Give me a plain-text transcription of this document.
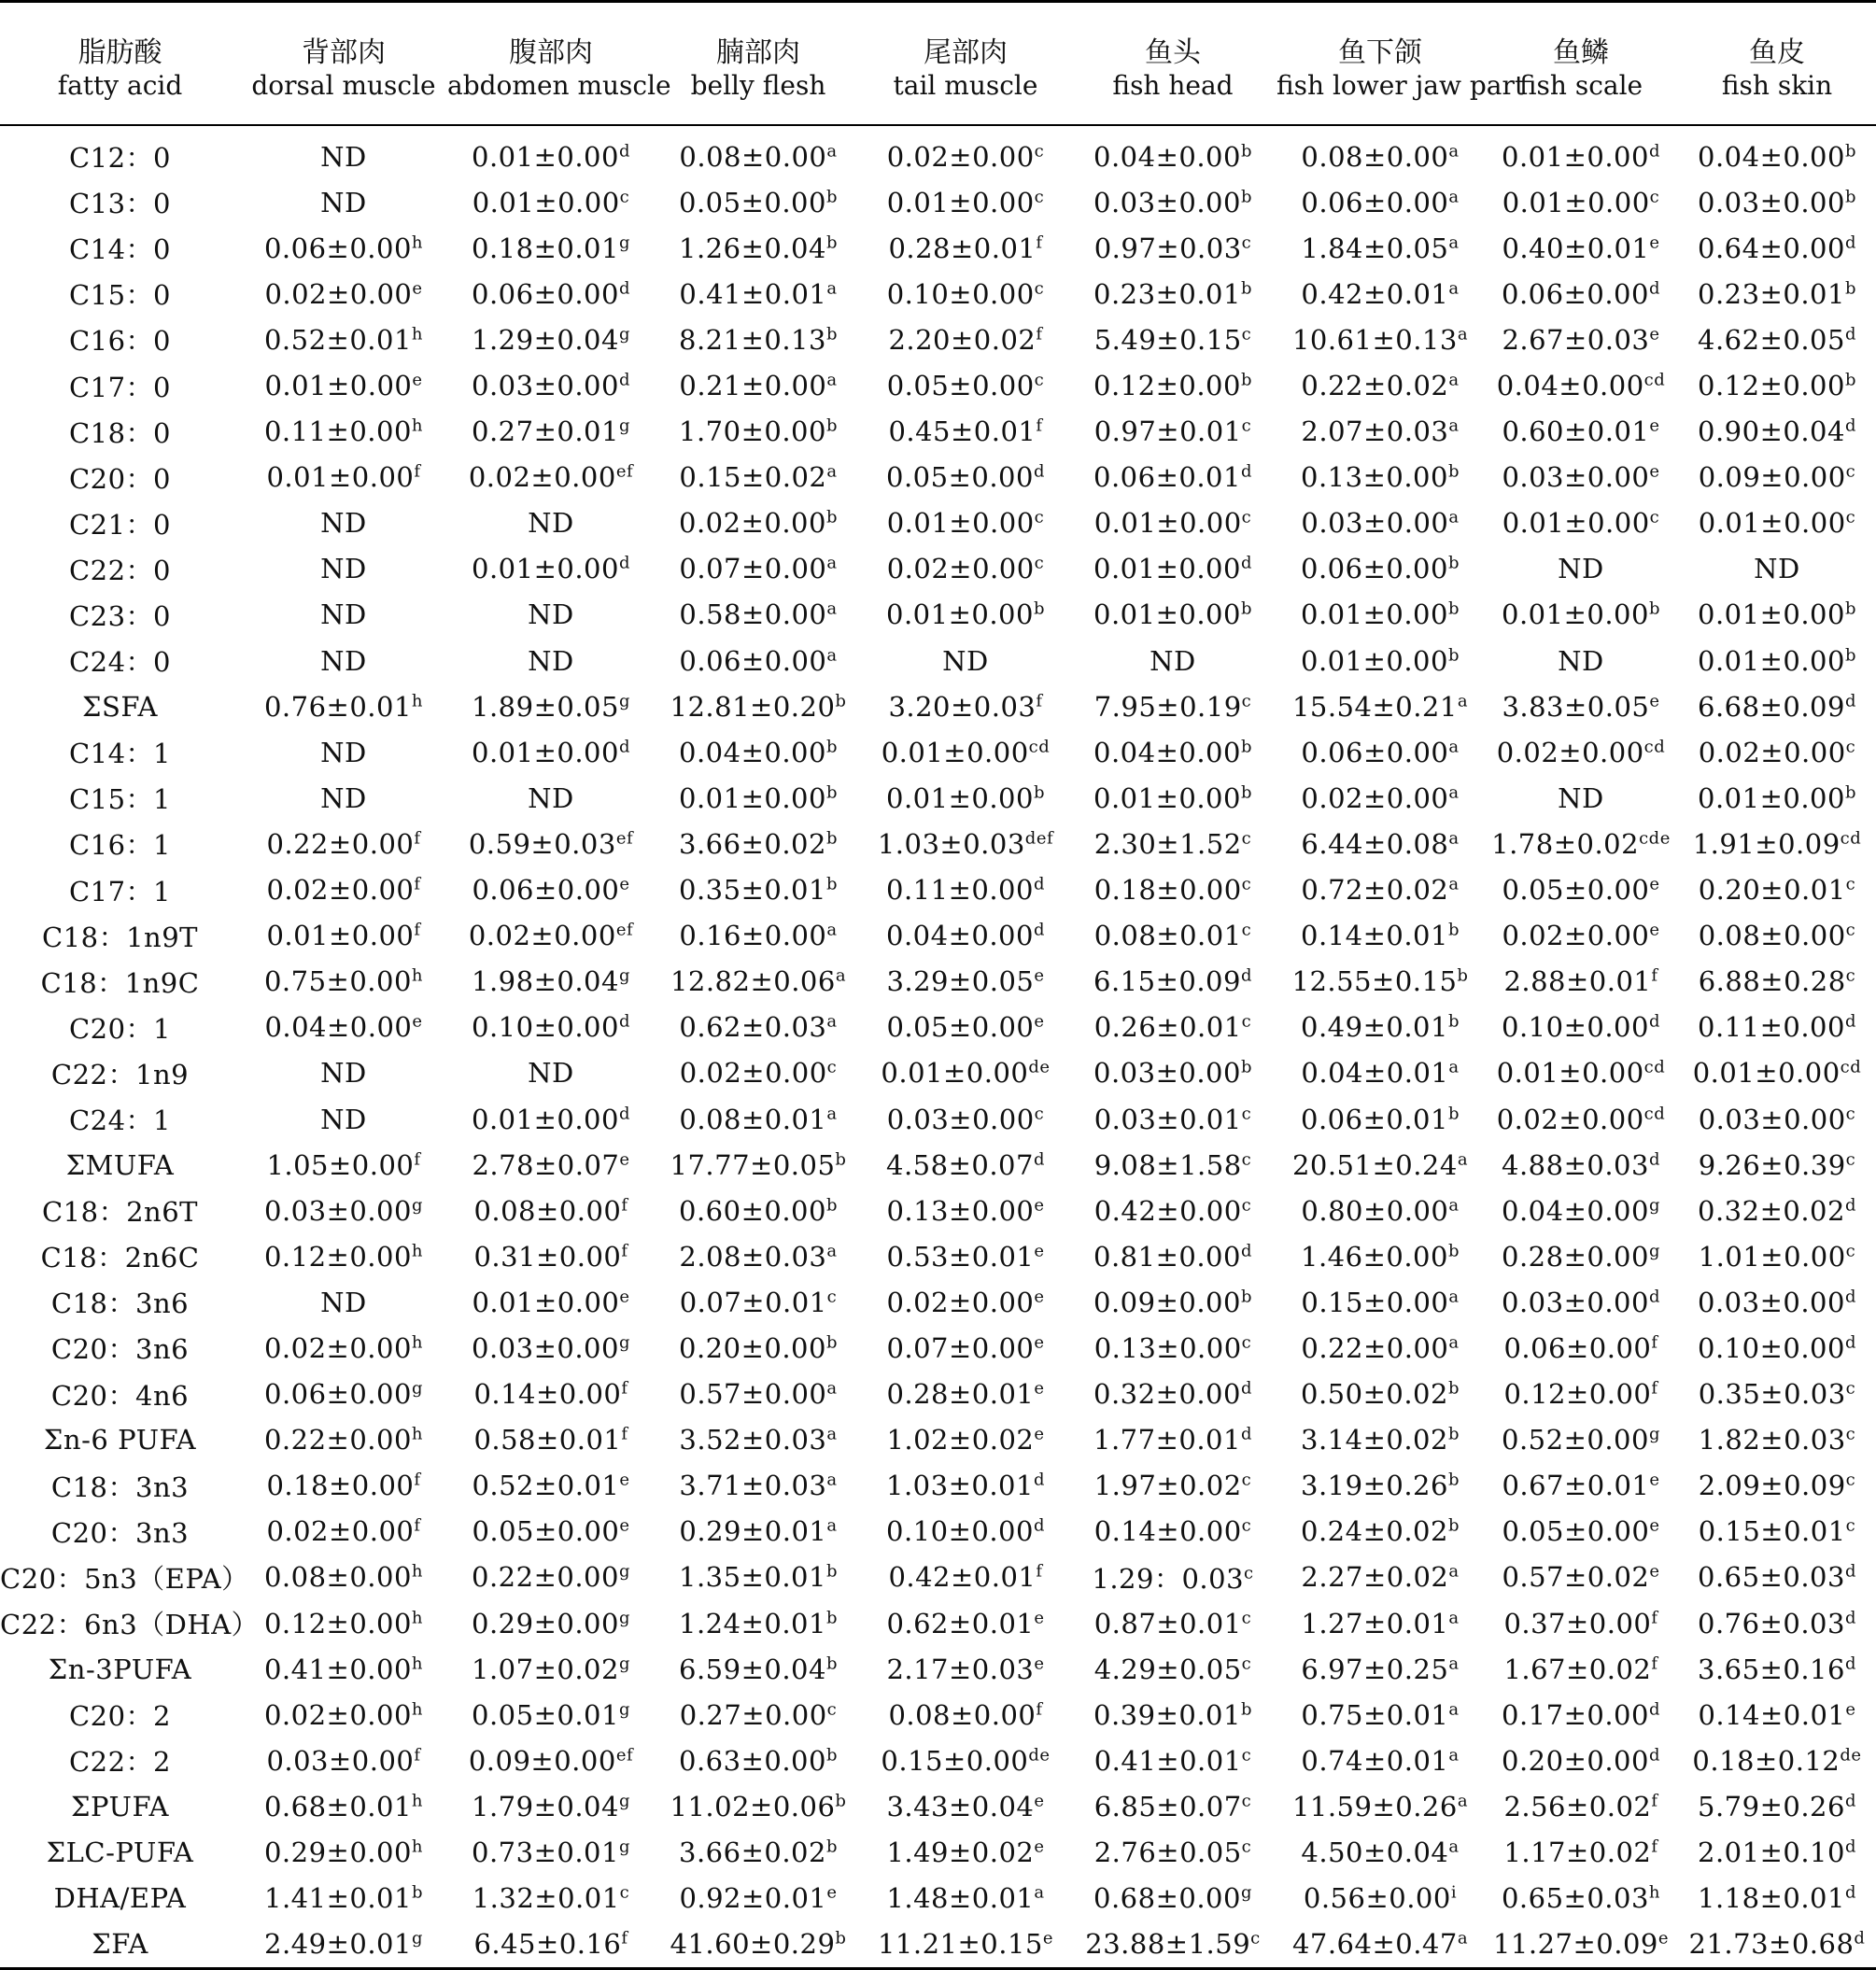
脂肪酸	背部肉	腹部肉	腩部肉	尾部肉	鱼头	鱼下颌	鱼鳞	鱼皮
fatty acid	dorsal muscle	abdomen muscle	belly flesh	tail muscle	fish head	fish lower jaw part	fish scale	fish skin
C12：0	ND	0.01±0.00$^d$	0.08±0.00$^a$	0.02±0.00$^c$	0.04±0.00$^b$	0.08±0.00$^a$	0.01±0.00$^d$	0.04±0.00$^b$
C13：0	ND	0.01±0.00$^c$	0.05±0.00$^b$	0.01±0.00$^c$	0.03±0.00$^b$	0.06±0.00$^a$	0.01±0.00$^c$	0.03±0.00$^b$
C14：0	0.06±0.00$^h$	0.18±0.01$^g$	1.26±0.04$^b$	0.28±0.01$^f$	0.97±0.03$^c$	1.84±0.05$^a$	0.40±0.01$^e$	0.64±0.00$^d$
C15：0	0.02±0.00$^e$	0.06±0.00$^d$	0.41±0.01$^a$	0.10±0.00$^c$	0.23±0.01$^b$	0.42±0.01$^a$	0.06±0.00$^d$	0.23±0.01$^b$
C16：0	0.52±0.01$^h$	1.29±0.04$^g$	8.21±0.13$^b$	2.20±0.02$^f$	5.49±0.15$^c$	10.61±0.13$^a$	2.67±0.03$^e$	4.62±0.05$^d$
C17：0	0.01±0.00$^e$	0.03±0.00$^d$	0.21±0.00$^a$	0.05±0.00$^c$	0.12±0.00$^b$	0.22±0.02$^a$	0.04±0.00$^{cd}$	0.12±0.00$^b$
C18：0	0.11±0.00$^h$	0.27±0.01$^g$	1.70±0.00$^b$	0.45±0.01$^f$	0.97±0.01$^c$	2.07±0.03$^a$	0.60±0.01$^e$	0.90±0.04$^d$
C20：0	0.01±0.00$^f$	0.02±0.00$^{ef}$	0.15±0.02$^a$	0.05±0.00$^d$	0.06±0.01$^d$	0.13±0.00$^b$	0.03±0.00$^e$	0.09±0.00$^c$
C21：0	ND	ND	0.02±0.00$^b$	0.01±0.00$^c$	0.01±0.00$^c$	0.03±0.00$^a$	0.01±0.00$^c$	0.01±0.00$^c$
C22：0	ND	0.01±0.00$^d$	0.07±0.00$^a$	0.02±0.00$^c$	0.01±0.00$^d$	0.06±0.00$^b$	ND	ND
C23：0	ND	ND	0.58±0.00$^a$	0.01±0.00$^b$	0.01±0.00$^b$	0.01±0.00$^b$	0.01±0.00$^b$	0.01±0.00$^b$
C24：0	ND	ND	0.06±0.00$^a$	ND	ND	0.01±0.00$^b$	ND	0.01±0.00$^b$
ΣSFA	0.76±0.01$^h$	1.89±0.05$^g$	12.81±0.20$^b$	3.20±0.03$^f$	7.95±0.19$^c$	15.54±0.21$^a$	3.83±0.05$^e$	6.68±0.09$^d$
C14：1	ND	0.01±0.00$^d$	0.04±0.00$^b$	0.01±0.00$^{cd}$	0.04±0.00$^b$	0.06±0.00$^a$	0.02±0.00$^{cd}$	0.02±0.00$^c$
C15：1	ND	ND	0.01±0.00$^b$	0.01±0.00$^b$	0.01±0.00$^b$	0.02±0.00$^a$	ND	0.01±0.00$^b$
C16：1	0.22±0.00$^f$	0.59±0.03$^{ef}$	3.66±0.02$^b$	1.03±0.03$^{def}$	2.30±1.52$^c$	6.44±0.08$^a$	1.78±0.02$^{cde}$	1.91±0.09$^{cd}$
C17：1	0.02±0.00$^f$	0.06±0.00$^e$	0.35±0.01$^b$	0.11±0.00$^d$	0.18±0.00$^c$	0.72±0.02$^a$	0.05±0.00$^e$	0.20±0.01$^c$
C18：1n9T	0.01±0.00$^f$	0.02±0.00$^{ef}$	0.16±0.00$^a$	0.04±0.00$^d$	0.08±0.01$^c$	0.14±0.01$^b$	0.02±0.00$^e$	0.08±0.00$^c$
C18：1n9C	0.75±0.00$^h$	1.98±0.04$^g$	12.82±0.06$^a$	3.29±0.05$^e$	6.15±0.09$^d$	12.55±0.15$^b$	2.88±0.01$^f$	6.88±0.28$^c$
C20：1	0.04±0.00$^e$	0.10±0.00$^d$	0.62±0.03$^a$	0.05±0.00$^e$	0.26±0.01$^c$	0.49±0.01$^b$	0.10±0.00$^d$	0.11±0.00$^d$
C22：1n9	ND	ND	0.02±0.00$^c$	0.01±0.00de	0.03±0.00$^b$	0.04±0.01$^a$	0.01±0.00$^{cd}$	0.01±0.00$^{cd}$
C24：1	ND	0.01±0.00$^d$	0.08±0.01$^a$	0.03±0.00$^c$	0.03±0.01$^c$	0.06±0.01$^b$	0.02±0.00$^{cd}$	0.03±0.00$^c$
ΣMUFA	1.05±0.00$^f$	2.78±0.07$^e$	17.77±0.05$^b$	4.58±0.07$^d$	9.08±1.58$^c$	20.51±0.24$^a$	4.88±0.03$^d$	9.26±0.39$^c$
C18：2n6T	0.03±0.00$^g$	0.08±0.00$^f$	0.60±0.00$^b$	0.13±0.00$^e$	0.42±0.00$^c$	0.80±0.00$^a$	0.04±0.00$^g$	0.32±0.02$^d$
C18：2n6C	0.12±0.00$^h$	0.31±0.00$^f$	2.08±0.03$^a$	0.53±0.01$^e$	0.81±0.00$^d$	1.46±0.00$^b$	0.28±0.00$^g$	1.01±0.00$^c$
C18：3n6	ND	0.01±0.00$^e$	0.07±0.01$^c$	0.02±0.00$^e$	0.09±0.00$^b$	0.15±0.00$^a$	0.03±0.00$^d$	0.03±0.00$^d$
C20：3n6	0.02±0.00$^h$	0.03±0.00$^g$	0.20±0.00$^b$	0.07±0.00$^e$	0.13±0.00$^c$	0.22±0.00$^a$	0.06±0.00$^f$	0.10±0.00$^d$
C20：4n6	0.06±0.00$^g$	0.14±0.00$^f$	0.57±0.00$^a$	0.28±0.01$^e$	0.32±0.00$^d$	0.50±0.02$^b$	0.12±0.00$^f$	0.35±0.03$^c$
Σn-6 PUFA	0.22±0.00$^h$	0.58±0.01$^f$	3.52±0.03$^a$	1.02±0.02$^e$	1.77±0.01$^d$	3.14±0.02$^b$	0.52±0.00$^g$	1.82±0.03$^c$
C18：3n3	0.18±0.00$^f$	0.52±0.01$^e$	3.71±0.03$^a$	1.03±0.01$^d$	1.97±0.02$^c$	3.19±0.26$^b$	0.67±0.01$^e$	2.09±0.09$^c$
C20：3n3	0.02±0.00$^f$	0.05±0.00$^e$	0.29±0.01$^a$	0.10±0.00$^d$	0.14±0.00$^c$	0.24±0.02$^b$	0.05±0.00$^e$	0.15±0.01$^c$
C20：5n3（EPA）	0.08±0.00$^h$	0.22±0.00$^g$	1.35±0.01$^b$	0.42±0.01$^f$	1.29：0.03$^c$	2.27±0.02$^a$	0.57±0.02$^e$	0.65±0.03$^d$
C22：6n3（DHA）	0.12±0.00$^h$	0.29±0.00$^g$	1.24±0.01$^b$	0.62±0.01$^e$	0.87±0.01$^c$	1.27±0.01$^a$	0.37±0.00$^f$	0.76±0.03$^d$
Σn-3PUFA	0.41±0.00$^h$	1.07±0.02$^g$	6.59±0.04$^b$	2.17±0.03$^e$	4.29±0.05$^c$	6.97±0.25$^a$	1.67±0.02$^f$	3.65±0.16$^d$
C20：2	0.02±0.00$^h$	0.05±0.01$^g$	0.27±0.00$^c$	0.08±0.00$^f$	0.39±0.01$^b$	0.75±0.01$^a$	0.17±0.00$^d$	0.14±0.01$^e$
C22：2	0.03±0.00$^f$	0.09±0.00$^{ef}$	0.63±0.00$^b$	0.15±0.00de	0.41±0.01$^c$	0.74±0.01$^a$	0.20±0.00$^d$	0.18±0.12de
ΣPUFA	0.68±0.01$^h$	1.79±0.04$^g$	11.02±0.06$^b$	3.43±0.04$^e$	6.85±0.07$^c$	11.59±0.26$^a$	2.56±0.02$^f$	5.79±0.26$^d$
ΣLC-PUFA	0.29±0.00$^h$	0.73±0.01$^g$	3.66±0.02$^b$	1.49±0.02$^e$	2.76±0.05$^c$	4.50±0.04$^a$	1.17±0.02$^f$	2.01±0.10$^d$
DHA/EPA	1.41±0.01$^b$	1.32±0.01$^c$	0.92±0.01$^e$	1.48±0.01$^a$	0.68±0.00$^g$	$0.56\pm 0.00^i$	0.65±0.03$^h$	1.18±0.01$^d$
ΣFA	2.49±0.01$^g$	6.45±0.16$^f$	41.60±0.29$^b$	11.21±0.15$^e$	23.88±1.59$^c$	47.64±0.47$^a$	11.27±0.09$^e$	21.73±0.68$^d$
